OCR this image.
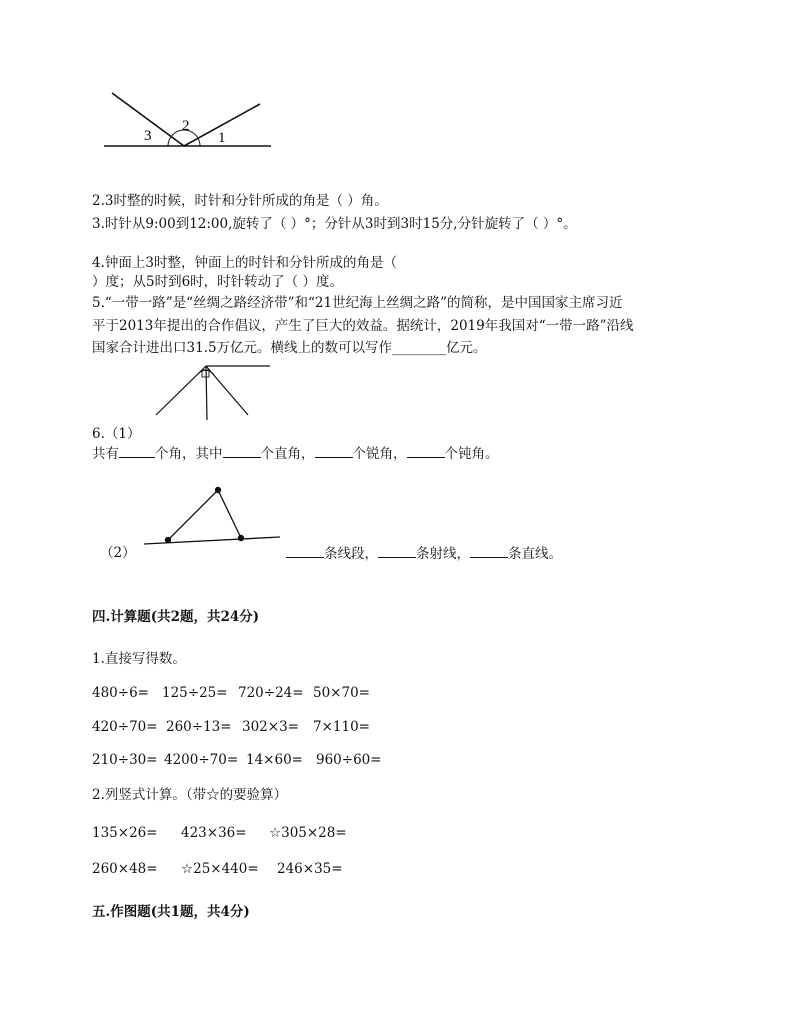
3
2
1
2.3时整的时候，时针和分针所成的角是（ ）角。
3.时针从9:00到12:00,旋转了（ ）°；分针从3时到3时15分,分针旋转了（ ）°。
4.钟面上3时整，钟面上的时针和分针所成的角是（
）度；从5时到6时，时针转动了（ ）度。
5.“一带一路”是“丝绸之路经济带”和“21世纪海上丝绸之路”的简称，是中国国家主席习近
平于2013年提出的合作倡议，产生了巨大的效益。据统计，2019年我国对“一带一路”沿线
国家合计进出口31.5万亿元。横线上的数可以写作________亿元。
6.（1）
共有	个角，其中	个直角，	个锐角，	个钝角。
（2）	条线段，	条射线，	条直线。
四.计算题(共2题，共24分)
1.直接写得数。
480÷6= 125÷25= 720÷24= 50×70=
420÷70= 260÷13= 302×3= 7×110=
210÷30= 4200÷70= 14×60= 960÷60=
2.列竖式计算。（带☆的要验算）
135×26= 423×36= ☆305×28=
260×48= ☆25×440= 246×35=
五.作图题(共1题，共4分)
